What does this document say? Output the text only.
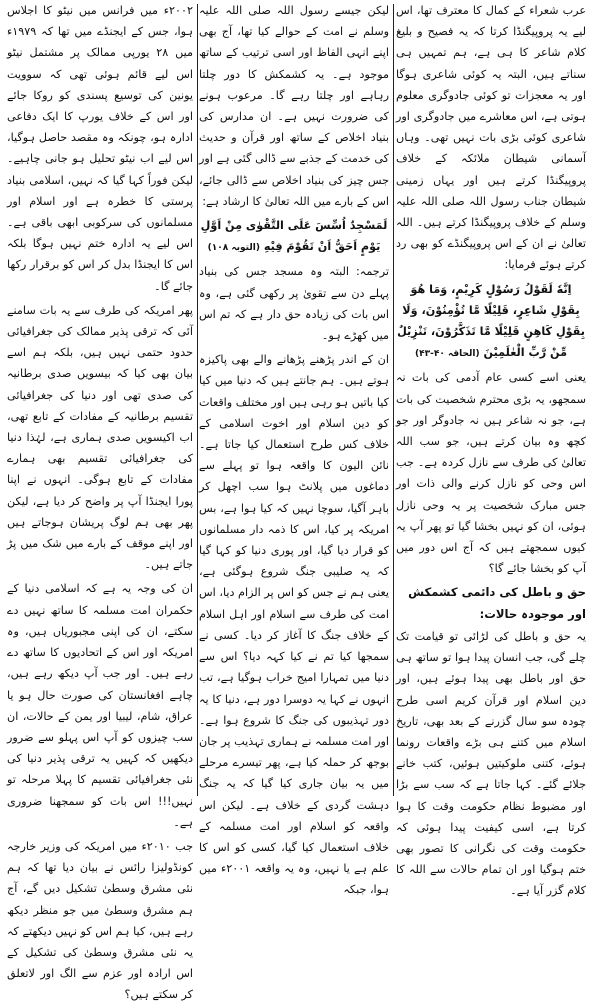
عرب شعراء کے کمال کا معترف تھا، اس لیے یہ پروپیگنڈا کرتا کہ یہ فصیح و بلیغ کلام شاعر کا ہی ہے، ہم تمہیں ہی سناتے ہیں، البتہ یہ کوئی شاعری ہوگا اور یہ معجزات تو کوئی جادوگری معلوم ہوتی ہے، اس معاشرے میں جادوگری اور شاعری کوئی بڑی بات نہیں تھی۔ وہاں آسمانی شیطان ملائکہ کے خلاف پروپیگنڈا کرتے ہیں اور یہاں زمینی شیطان جناب رسول اللہ صلی اللہ علیہ وسلم کے خلاف پروپیگنڈا کرتے ہیں۔ اللہ تعالیٰ نے ان کے اس پروپیگنڈے کو بھی رد کرتے ہوئے فرمایا:

اِنَّهٗ لَقَوْلُ رَسُوْلٍ كَرِيْمٍ، وَمَا هُوَ بِقَوْلِ شَاعِرٍ، قَلِيْلًا مَّا تُؤْمِنُوْنَ، وَلَا بِقَوْلِ كَاهِنٍ قَلِيْلًا مَّا تَذَكَّرُوْنَ، تَنْزِيْلٌ مِّنْ رَّبِّ الْعٰلَمِيْنَ (الحاقہ ۴۰-۴۳)

یعنی اسے کسی عام آدمی کی بات نہ سمجھو، یہ بڑی محترم شخصیت کی بات ہے، جو نہ شاعر ہیں نہ جادوگر اور جو کچھ وہ بیان کرتے ہیں، جو سب اللہ تعالیٰ کی طرف سے نازل کردہ ہے۔ جب اس وحی کو نازل کرنے والی ذات اور جس مبارک شخصیت پر یہ وحی نازل ہوئی، ان کو نہیں بخشا گیا تو پھر آپ یہ کیوں سمجھتے ہیں کہ آج اس دور میں آپ کو بخشا جائے گا؟

حق و باطل کی دائمی کشمکش اور موجودہ حالات:

یہ حق و باطل کی لڑائی تو قیامت تک چلے گی، جب انسان پیدا ہوا تو ساتھ ہی حق اور باطل بھی پیدا ہوئے ہیں، اور دین اسلام اور قرآن کریم اسی طرح چودہ سو سال گزرنے کے بعد بھی، تاریخ اسلام میں کتنے ہی بڑے واقعات رونما ہوئے، کتنی ملوکیتیں ہوئیں، کتب خانے جلائے گئے۔ کہا جاتا ہے کہ سب سے بڑا اور مضبوط نظام حکومت وقت کا ہوا کرتا ہے، اسی کیفیت پیدا ہوئی کہ حکومت وقت کی نگرانی کا تصور بھی ختم ہوگیا اور ان تمام حالات سے اللہ کا کلام گزر آیا ہے۔

لیکن جیسے رسول اللہ صلی اللہ علیہ وسلم نے امت کے حوالے کیا تھا، آج بھی اپنے انہی الفاظ اور اسی ترتیب کے ساتھ موجود ہے۔ یہ کشمکش کا دور چلتا رہاہے اور چلتا رہے گا۔ مرعوب ہونے کی ضرورت نہیں ہے۔ ان مدارس کی بنیاد اخلاص کے ساتھ اور قرآن و حدیث کی خدمت کے جذبے سے ڈالی گئی ہے اور جس چیز کی بنیاد اخلاص سے ڈالی جائے، اس کے بارے میں اللہ تعالیٰ کا ارشاد ہے:

لَمَسْجِدٌ اُسِّسَ عَلَى التَّقْوٰى مِنْ اَوَّلِ يَوْمٍ اَحَقُّ اَنْ تَقُوْمَ فِيْهِ (التوبہ ۱۰۸)

ترجمہ: البتہ وہ مسجد جس کی بنیاد پہلے دن سے تقویٰ پر رکھی گئی ہے، وہ اس بات کی زیادہ حق دار ہے کہ تم اس میں کھڑے ہو۔

ان کے اندر پڑھنے پڑھانے والے بھی پاکیزہ ہوتے ہیں۔ ہم جانتے ہیں کہ دنیا میں کیا کیا باتیں ہو رہی ہیں اور مختلف واقعات کو دین اسلام اور اخوت اسلامی کے خلاف کس طرح استعمال کیا جاتا ہے۔ نائن الیون کا واقعہ ہوا تو پہلے سے دماغوں میں پلانٹ ہوا سب اچھل کر باہر آگیا، سوچا نہیں کہ کیا ہوا ہے، بس امریکہ پر کیا، اس کا ذمہ دار مسلمانوں کو قرار دیا گیا، اور پوری دنیا کو کہا گیا کہ یہ صلیبی جنگ شروع ہوگئی ہے، یعنی ہم نے جس کو اس پر الزام دیا، اس امت کی طرف سے اسلام اور اہل اسلام کے خلاف جنگ کا آغاز کر دیا۔ کسی نے سمجھا کیا تم نے کیا کہہ دیا؟ اس سے دنیا میں تمہارا امیج خراب ہوگیا ہے، تب انہوں نے کہا یہ دوسرا دور ہے، دنیا کا یہ دور تہذیبوں کی جنگ کا شروع ہوا ہے۔ اور امت مسلمہ نے ہماری تہذیب پر جان بوجھ کر حملہ کیا ہے، پھر تیسرے مرحلے میں یہ بیان جاری کیا گیا کہ یہ جنگ دہشت گردی کے خلاف ہے۔ لیکن اس واقعہ کو اسلام اور امت مسلمہ کے خلاف استعمال کیا گیا، کسی کو اس کا علم ہے یا نہیں، وہ یہ واقعہ ۲۰۰۱ء میں ہوا، جبکہ

۲۰۰۲ء میں فرانس میں نیٹو کا اجلاس ہوا، جس کے ایجنڈے میں تھا کہ ۱۹۷۹ء میں ۲۸ یورپی ممالک پر مشتمل نیٹو اس لیے قائم ہوئی تھی کہ سوویت یونین کی توسیع پسندی کو روکا جائے اور اس کے خلاف یورپ کا ایک دفاعی ادارہ ہو، چونکہ وہ مقصد حاصل ہوگیا، اس لیے اب نیٹو تحلیل ہو جانی چاہیے۔ لیکن فوراً کہا گیا کہ نہیں، اسلامی بنیاد پرستی کا خطرہ ہے اور اسلام اور مسلمانوں کی سرکوبی ابھی باقی ہے۔ اس لیے یہ ادارہ ختم نہیں ہوگا بلکہ اس کا ایجنڈا بدل کر اس کو برقرار رکھا جائے گا۔

پھر امریکہ کی طرف سے یہ بات سامنے آئی کہ ترقی پذیر ممالک کی جغرافیائی حدود حتمی نہیں ہیں، بلکہ ہم اسے بیان بھی کیا کہ بیسویں صدی برطانیہ کی صدی تھی اور دنیا کی جغرافیائی تقسیم برطانیہ کے مفادات کے تابع تھی، اب اکیسویں صدی ہماری ہے، لہٰذا دنیا کی جغرافیائی تقسیم بھی ہمارے مفادات کے تابع ہوگی۔ انہوں نے اپنا پورا ایجنڈا آپ پر واضح کر دیا ہے، لیکن پھر بھی ہم لوگ پریشان ہوجاتے ہیں اور اپنے موقف کے بارے میں شک میں پڑ جاتے ہیں۔

ان کی وجہ یہ ہے کہ اسلامی دنیا کے حکمران امت مسلمہ کا ساتھ نہیں دے سکتے، ان کی اپنی مجبوریاں ہیں، وہ امریکہ اور اس کے اتحادیوں کا ساتھ دے رہے ہیں۔ اور جب آپ دیکھ رہے ہیں، چاہے افغانستان کی صورت حال ہو یا عراق، شام، لیبیا اور یمن کے حالات، ان سب چیزوں کو آپ اس پہلو سے ضرور دیکھیں کہ کہیں یہ ترقی پذیر دنیا کی نئی جغرافیائی تقسیم کا پہلا مرحلہ تو نہیں!!! اس بات کو سمجھنا ضروری ہے۔

جب ۲۰۱۰ء میں امریکہ کی وزیر خارجہ کونڈولیزا رائس نے بیان دیا تھا کہ ہم نئی مشرق وسطیٰ تشکیل دیں گے، آج ہم مشرق وسطیٰ میں جو منظر دیکھ رہے ہیں، کیا ہم اس کو نہیں دیکھتے کہ یہ نئی مشرق وسطیٰ کی تشکیل کے اس ارادہ اور عزم سے الگ اور لاتعلق کر سکتے ہیں؟
